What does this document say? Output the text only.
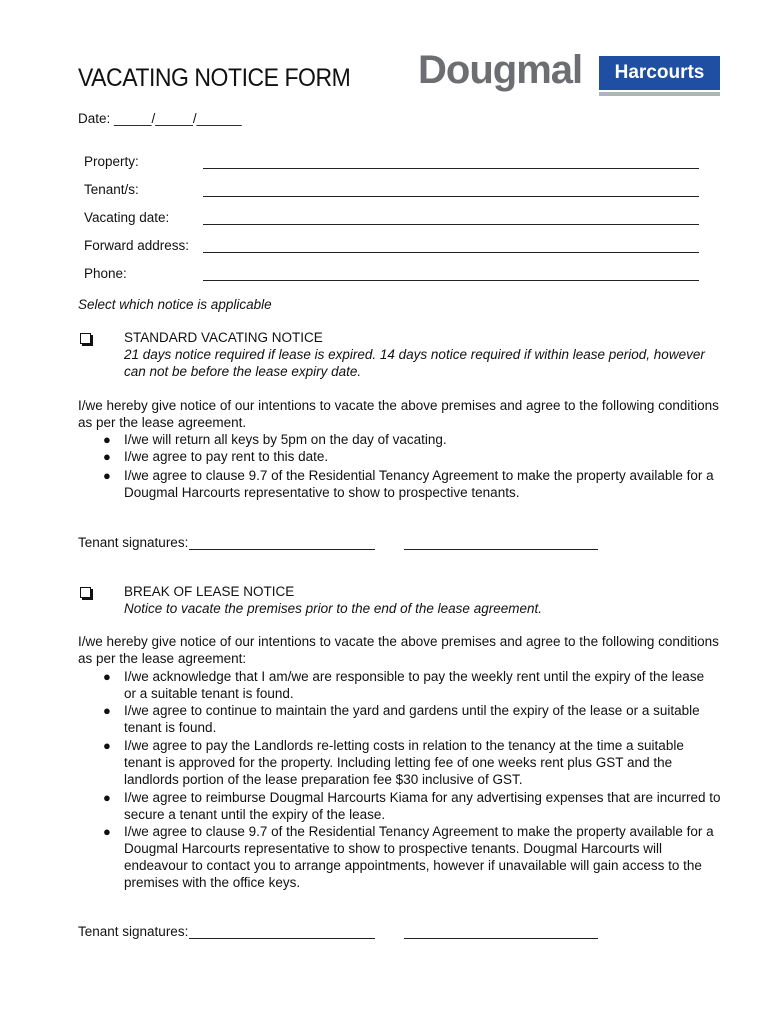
VACATING NOTICE FORM Dougmal	Harcourts
Date: _____/_____/______
Property:
Tenant/s:
Vacating date:
Forward address:
Phone:
Select which notice is applicable
STANDARD VACATING NOTICE
21 days notice required if lease is expired. 14 days notice required if within lease period, however
can not be before the lease expiry date.
I/we hereby give notice of our intentions to vacate the above premises and agree to the following conditions
as per the lease agreement.
● I/we will return all keys by 5pm on the day of vacating.
● I/we agree to pay rent to this date.
● I/we agree to clause 9.7 of the Residential Tenancy Agreement to make the property available for a
Dougmal Harcourts representative to show to prospective tenants.
Tenant signatures:
BREAK OF LEASE NOTICE
Notice to vacate the premises prior to the end of the lease agreement.
I/we hereby give notice of our intentions to vacate the above premises and agree to the following conditions
as per the lease agreement:
● I/we acknowledge that I am/we are responsible to pay the weekly rent until the expiry of the lease
or a suitable tenant is found.
● I/we agree to continue to maintain the yard and gardens until the expiry of the lease or a suitable
tenant is found.
● I/we agree to pay the Landlords re-letting costs in relation to the tenancy at the time a suitable
tenant is approved for the property. Including letting fee of one weeks rent plus GST and the
landlords portion of the lease preparation fee $30 inclusive of GST.
● I/we agree to reimburse Dougmal Harcourts Kiama for any advertising expenses that are incurred to
secure a tenant until the expiry of the lease.
● I/we agree to clause 9.7 of the Residential Tenancy Agreement to make the property available for a
Dougmal Harcourts representative to show to prospective tenants. Dougmal Harcourts will
endeavour to contact you to arrange appointments, however if unavailable will gain access to the
premises with the office keys.
Tenant signatures:
